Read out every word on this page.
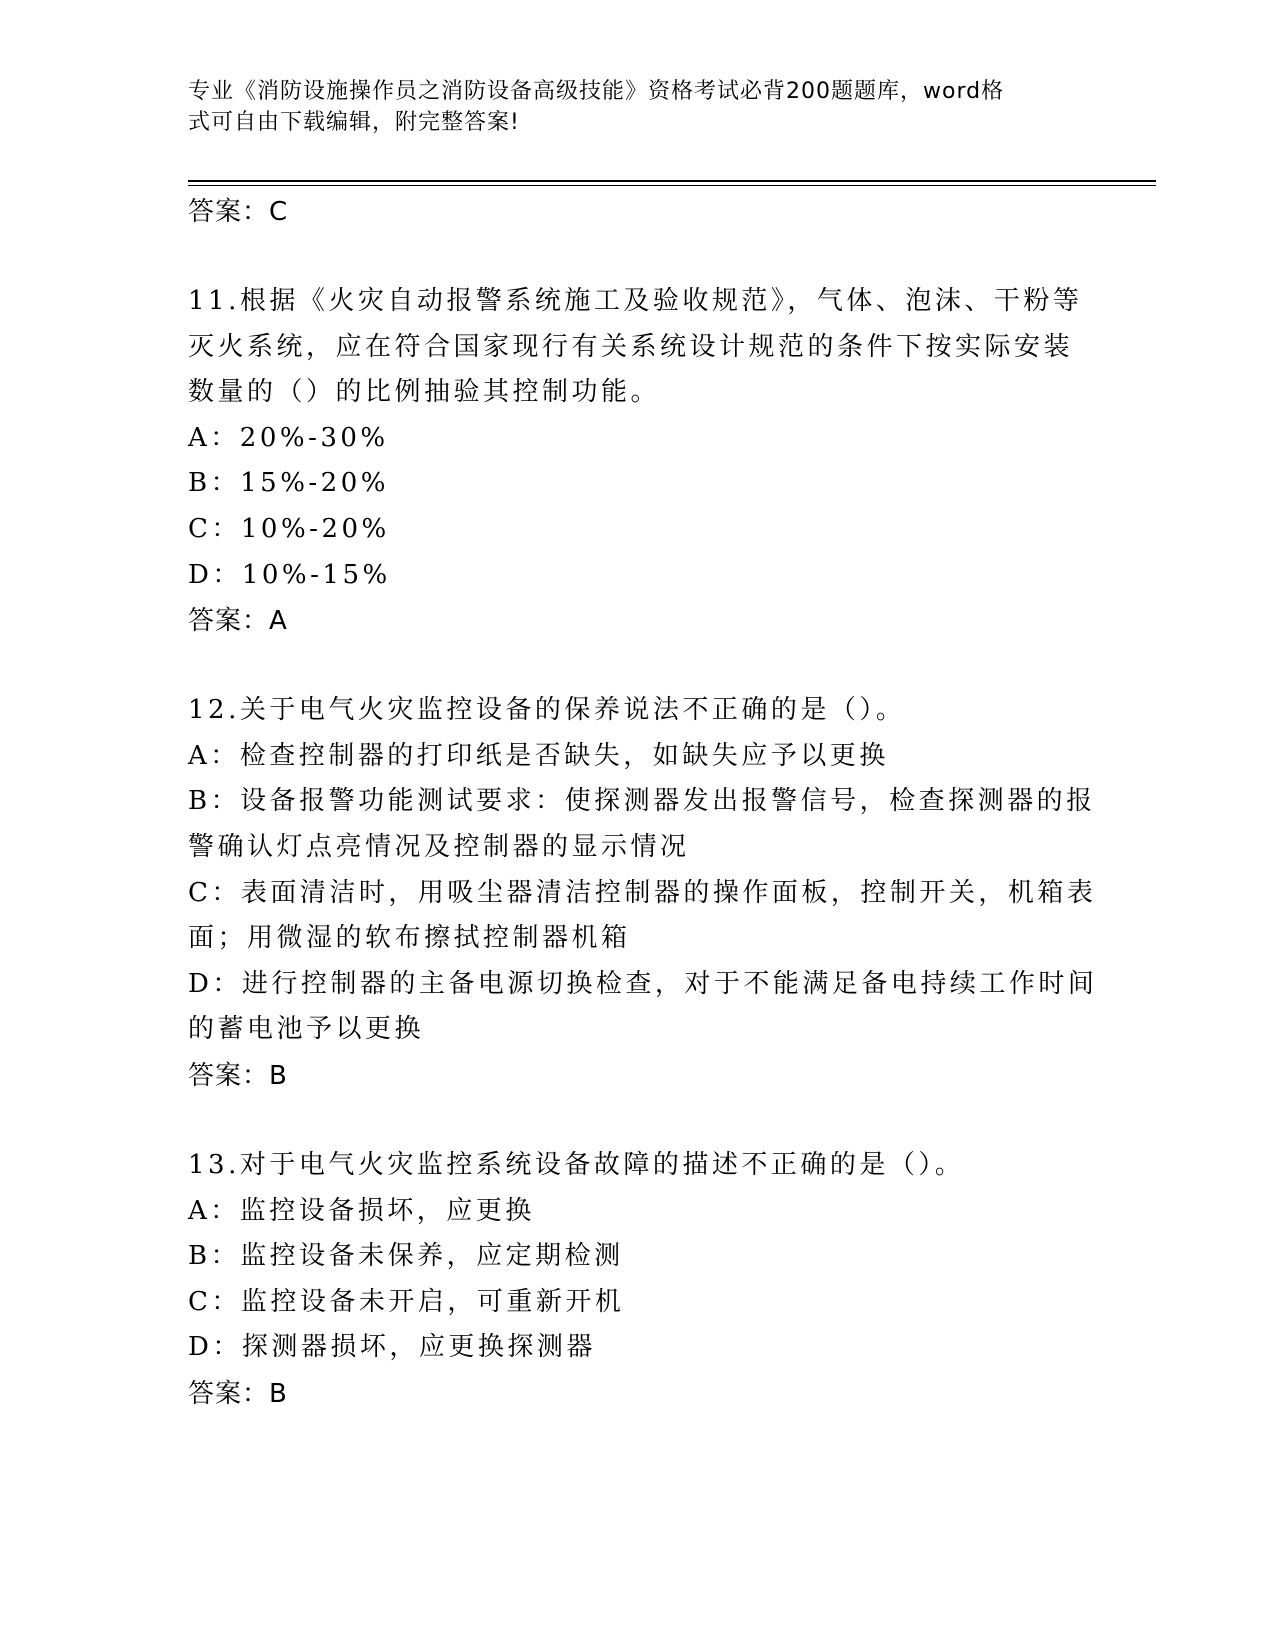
专业《消防设施操作员之消防设备高级技能》资格考试必背200题题库，word格
式可自由下载编辑，附完整答案!
答案：C
11.根据《火灾自动报警系统施工及验收规范》，气体、泡沫、干粉等
灭火系统，应在符合国家现行有关系统设计规范的条件下按实际安装
数量的（）的比例抽验其控制功能。
A：20%-30%
B：15%-20%
C：10%-20%
D：10%-15%
答案：A
12.关于电气火灾监控设备的保养说法不正确的是（）。
A：检查控制器的打印纸是否缺失，如缺失应予以更换
B：设备报警功能测试要求：使探测器发出报警信号，检查探测器的报
警确认灯点亮情况及控制器的显示情况
C：表面清洁时，用吸尘器清洁控制器的操作面板，控制开关，机箱表
面；用微湿的软布擦拭控制器机箱
D：进行控制器的主备电源切换检查，对于不能满足备电持续工作时间
的蓄电池予以更换
答案：B
13.对于电气火灾监控系统设备故障的描述不正确的是（）。
A：监控设备损坏，应更换
B：监控设备未保养，应定期检测
C：监控设备未开启，可重新开机
D：探测器损坏，应更换探测器
答案：B
